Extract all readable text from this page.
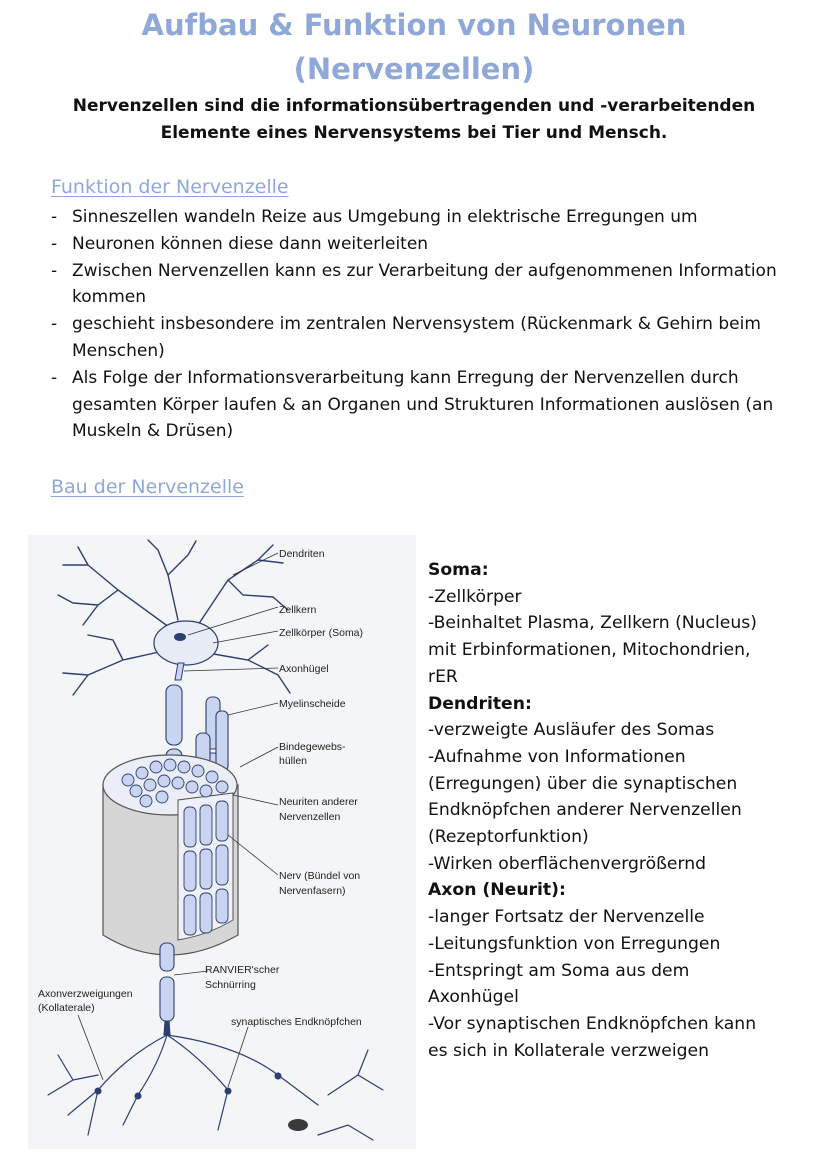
Aufbau & Funktion von Neuronen
(Nervenzellen)
Nervenzellen sind die informationsübertragenden und -verarbeitenden
Elemente eines Nervensystems bei Tier und Mensch.
Funktion der Nervenzelle
- Sinneszellen wandeln Reize aus Umgebung in elektrische Erregungen um
- Neuronen können diese dann weiterleiten
- Zwischen Nervenzellen kann es zur Verarbeitung der aufgenommenen Information kommen
- geschieht insbesondere im zentralen Nervensystem (Rückenmark & Gehirn beim Menschen)
- Als Folge der Informationsverarbeitung kann Erregung der Nervenzellen durch gesamten Körper laufen & an Organen und Strukturen Informationen auslösen (an Muskeln & Drüsen)
Bau der Nervenzelle
Dendriten
Zellkern
Zellkörper (Soma)
Axonhügel
Myelinscheide
Bindegewebs-
hüllen
Neuriten anderer
Nervenzellen
Nerv (Bündel von
Nervenfasern)
RANVIER'scher
Schnürring
Axonverzweigungen
(Kollaterale)
synaptisches Endknöpfchen
Soma:
-Zellkörper
-Beinhaltet Plasma, Zellkern (Nucleus) mit Erbinformationen, Mitochondrien, rER
Dendriten:
-verzweigte Ausläufer des Somas
-Aufnahme von Informationen (Erregungen) über die synaptischen Endknöpfchen anderer Nervenzellen (Rezeptorfunktion)
-Wirken oberflächenvergrößernd
Axon (Neurit):
-langer Fortsatz der Nervenzelle
-Leitungsfunktion von Erregungen
-Entspringt am Soma aus dem Axonhügel
-Vor synaptischen Endknöpfchen kann es sich in Kollaterale verzweigen
